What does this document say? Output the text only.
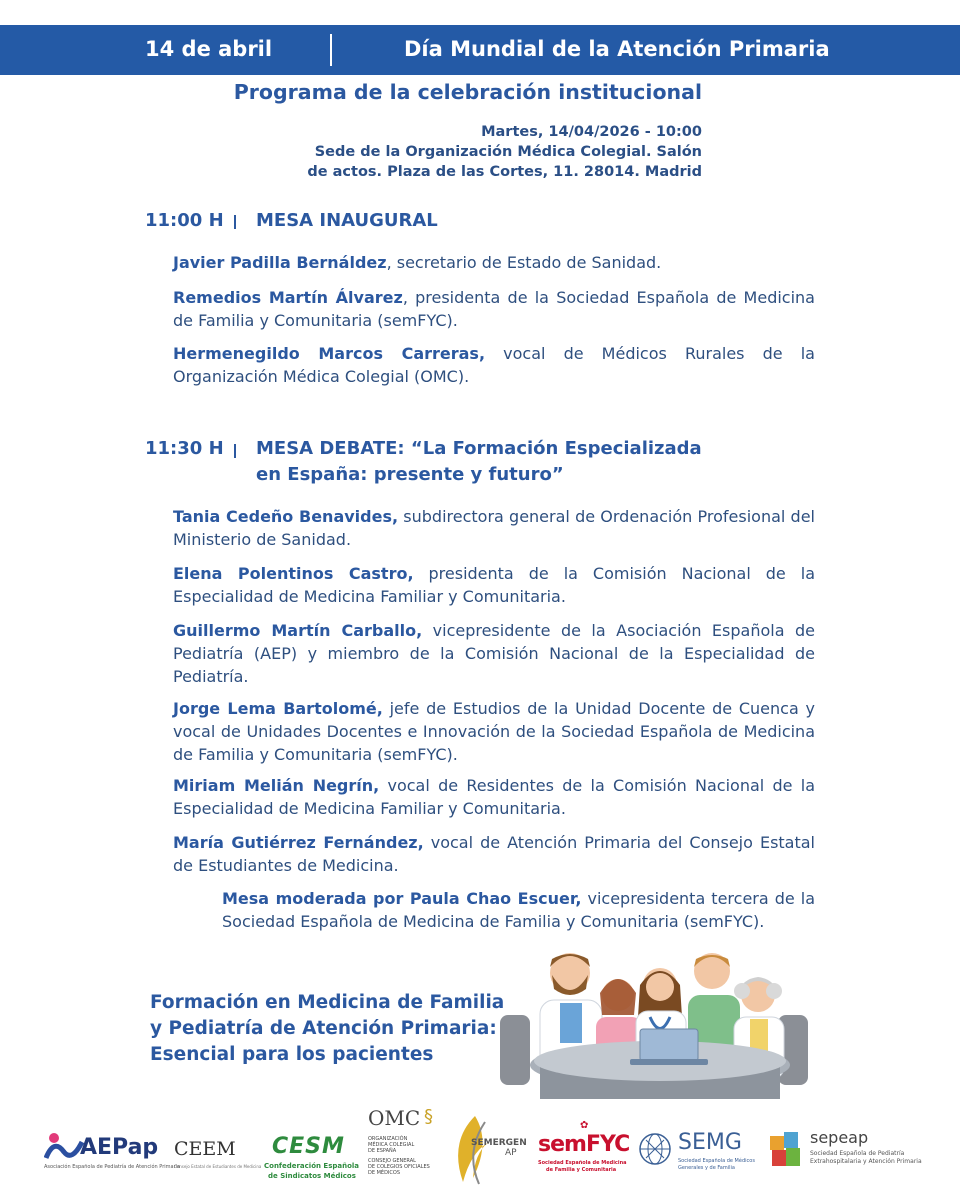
14 de abril	Día Mundial de la Atención Primaria
Programa de la celebración institucional
Martes, 14/04/2026 - 10:00
Sede de la Organización Médica Colegial. Salón
de actos. Plaza de las Cortes, 11. 28014. Madrid
11:00 H MESA INAUGURAL
Javier Padilla Bernáldez, secretario de Estado de Sanidad.
Remedios Martín Álvarez, presidenta de la Sociedad Española de Medicina de Familia y Comunitaria (semFYC).
Hermenegildo Marcos Carreras, vocal de Médicos Rurales de la Organización Médica Colegial (OMC).
11:30 H MESA DEBATE: “La Formación Especializada
en España: presente y futuro”
Tania Cedeño Benavides, subdirectora general de Ordenación Profesional del Ministerio de Sanidad.
Elena Polentinos Castro, presidenta de la Comisión Nacional de la Especialidad de Medicina Familiar y Comunitaria.
Guillermo Martín Carballo, vicepresidente de la Asociación Española de Pediatría (AEP) y miembro de la Comisión Nacional de la Especialidad de Pediatría.
Jorge Lema Bartolomé, jefe de Estudios de la Unidad Docente de Cuenca y vocal de Unidades Docentes e Innovación de la Sociedad Española de Medicina de Familia y Comunitaria (semFYC).
Miriam Melián Negrín, vocal de Residentes de la Comisión Nacional de la Especialidad de Medicina Familiar y Comunitaria.
María Gutiérrez Fernández, vocal de Atención Primaria del Consejo Estatal de Estudiantes de Medicina.
Mesa moderada por Paula Chao Escuer, vicepresidenta tercera de la Sociedad Española de Medicina de Familia y Comunitaria (semFYC).
Formación en Medicina de Familia
y Pediatría de Atención Primaria:
Esencial para los pacientes
AEPap
Asociación Española de Pediatría de Atención Primaria
CEEM
Consejo Estatal de Estudiantes de Medicina
CESM
Confederación Española
de Sindicatos Médicos
OMC §
ORGANIZACIÓN
MÉDICA COLEGIAL
DE ESPAÑA
CONSEJO GENERAL
DE COLEGIOS OFICIALES
DE MÉDICOS
SEMERGEN
AP
✿
semFYC
Sociedad Española de Medicina
de Familia y Comunitaria
SEMG
Sociedad Española de Médicos
Generales y de Familia
sepeap
Sociedad Española de Pediatría
Extrahospitalaria y Atención Primaria
